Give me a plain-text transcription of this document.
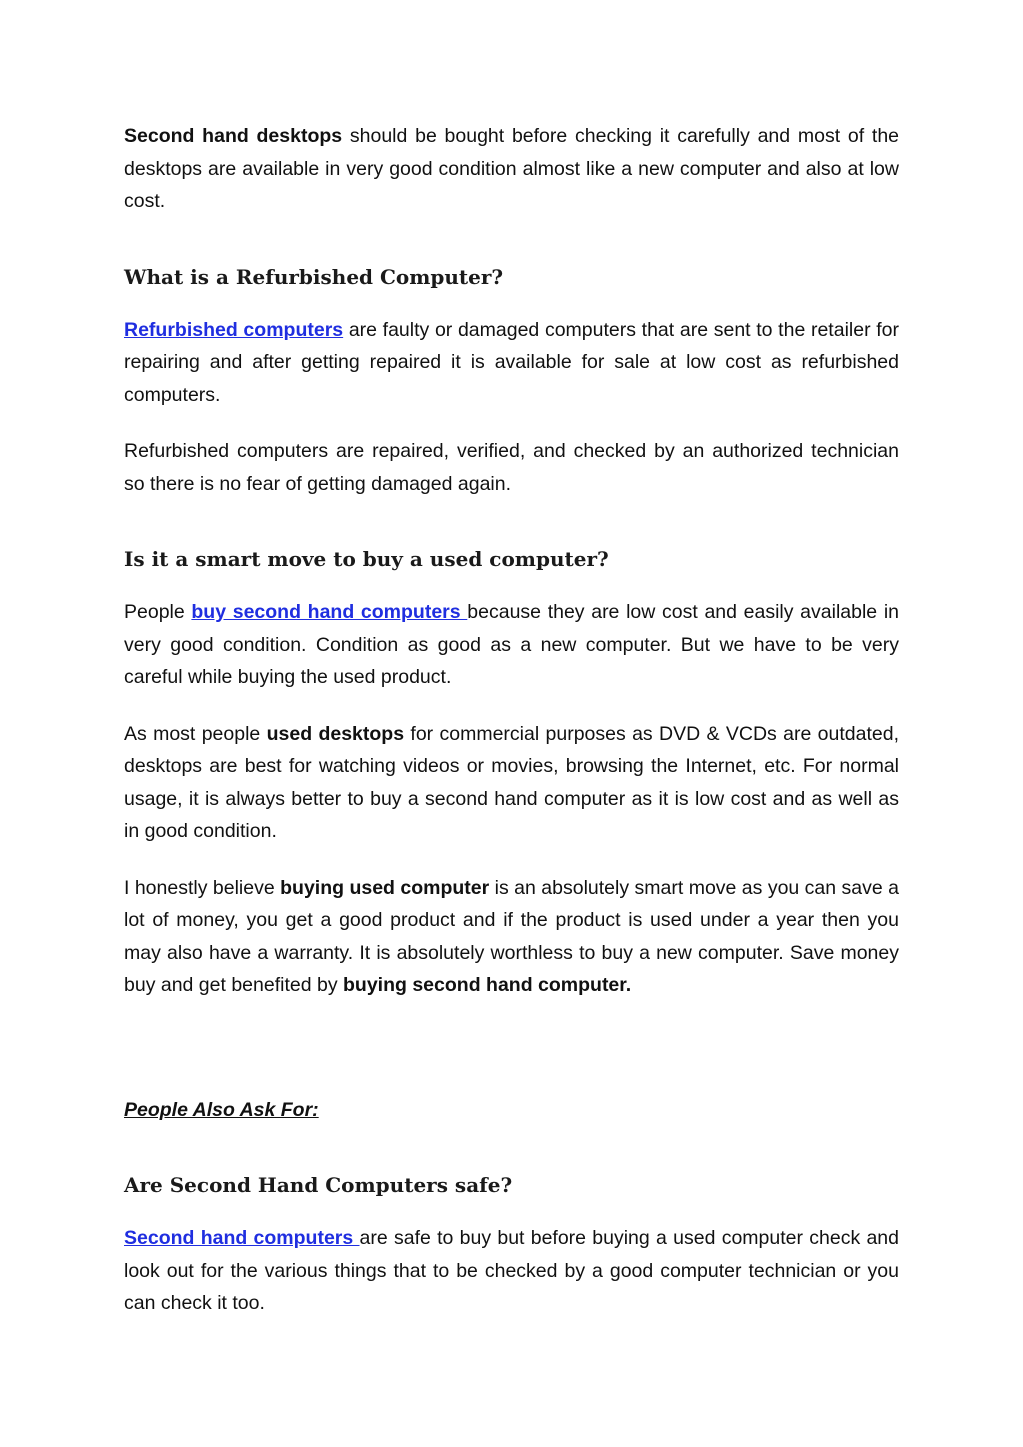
Second hand desktops should be bought before checking it carefully and most of the desktops are available in very good condition almost like a new computer and also at low cost.

What is a Refurbished Computer?

Refurbished computers are faulty or damaged computers that are sent to the retailer for repairing and after getting repaired it is available for sale at low cost as refurbished computers.

Refurbished computers are repaired, verified, and checked by an authorized technician so there is no fear of getting damaged again.

Is it a smart move to buy a used computer?

People buy second hand computers because they are low cost and easily available in very good condition. Condition as good as a new computer. But we have to be very careful while buying the used product.

As most people used desktops for commercial purposes as DVD & VCDs are outdated, desktops are best for watching videos or movies, browsing the Internet, etc. For normal usage, it is always better to buy a second hand computer as it is low cost and as well as in good condition.

I honestly believe buying used computer is an absolutely smart move as you can save a lot of money, you get a good product and if the product is used under a year then you may also have a warranty. It is absolutely worthless to buy a new computer. Save money buy and get benefited by buying second hand computer.

People Also Ask For:

Are Second Hand Computers safe?

Second hand computers are safe to buy but before buying a used computer check and look out for the various things that to be checked by a good computer technician or you can check it too.
